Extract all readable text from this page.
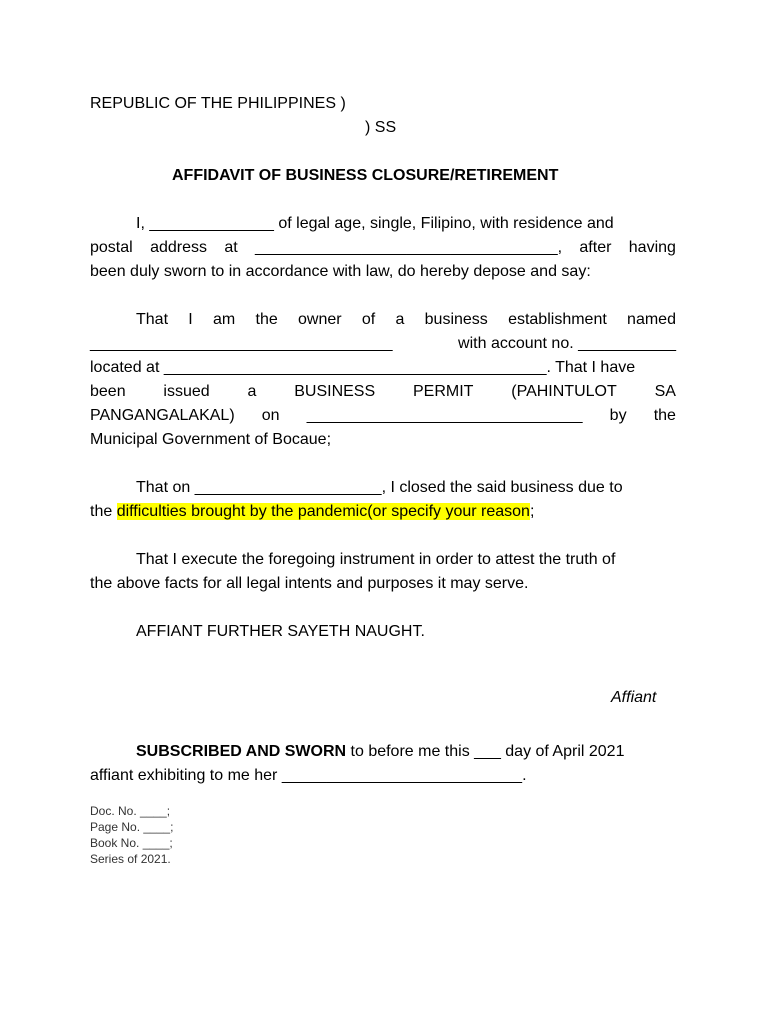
REPUBLIC OF THE PHILIPPINES )
) SS
AFFIDAVIT OF BUSINESS CLOSURE/RETIREMENT
I, ______________ of legal age, single, Filipino, with residence and
postal address at __________________________________, after having
been duly sworn to in accordance with law, do hereby depose and say:
That I am the owner of a business establishment named
__________________________________	with account no. ___________
located at ___________________________________________. That I have
been issued a BUSINESS PERMIT (PAHINTULOT SA
PANGANGALAKAL) on _______________________________ by the
Municipal Government of Bocaue;
That on _____________________, I closed the said business due to
the difficulties brought by the pandemic(or specify your reason;
That I execute the foregoing instrument in order to attest the truth of
the above facts for all legal intents and purposes it may serve.
AFFIANT FURTHER SAYETH NAUGHT.
Affiant
SUBSCRIBED AND SWORN to before me this ___ day of April 2021
affiant exhibiting to me her ___________________________.
Doc. No. ____;
Page No. ____;
Book No. ____;
Series of 2021.
